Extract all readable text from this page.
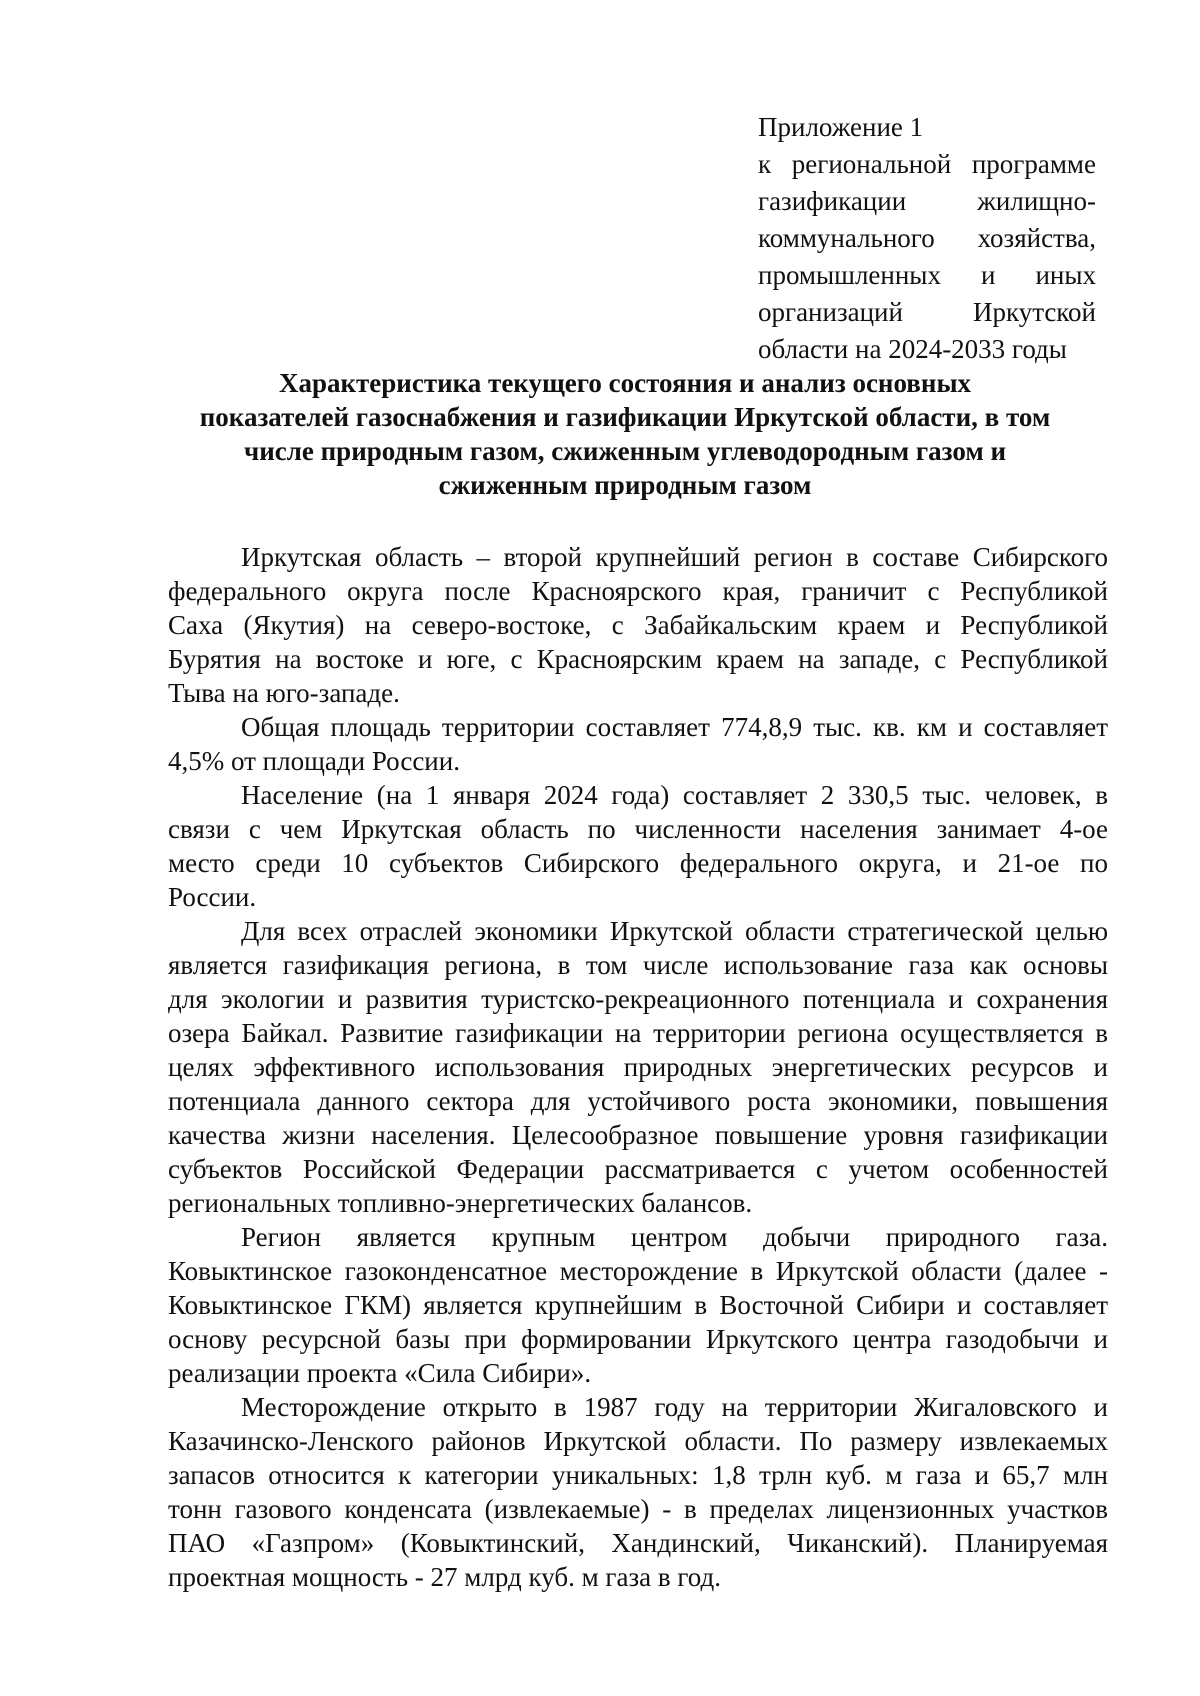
Приложение 1
к региональной программе
газификации жилищно-
коммунального хозяйства,
промышленных и иных
организаций Иркутской
области на 2024-2033 годы
Характеристика текущего состояния и анализ основных
показателей газоснабжения и газификации Иркутской области, в том
числе природным газом, сжиженным углеводородным газом и
сжиженным природным газом
Иркутская область – второй крупнейший регион в составе Сибирского
федерального округа после Красноярского края, граничит с Республикой
Саха (Якутия) на северо-востоке, с Забайкальским краем и Республикой
Бурятия на востоке и юге, с Красноярским краем на западе, с Республикой
Тыва на юго-западе.
Общая площадь территории составляет 774,8,9 тыс. кв. км и составляет
4,5% от площади России.
Население (на 1 января 2024 года) составляет 2 330,5 тыс. человек, в
связи с чем Иркутская область по численности населения занимает 4-ое
место среди 10 субъектов Сибирского федерального округа, и 21-ое по
России.
Для всех отраслей экономики Иркутской области стратегической целью
является газификация региона, в том числе использование газа как основы
для экологии и развития туристско-рекреационного потенциала и сохранения
озера Байкал. Развитие газификации на территории региона осуществляется в
целях эффективного использования природных энергетических ресурсов и
потенциала данного сектора для устойчивого роста экономики, повышения
качества жизни населения. Целесообразное повышение уровня газификации
субъектов Российской Федерации рассматривается с учетом особенностей
региональных топливно-энергетических балансов.
Регион является крупным центром добычи природного газа.
Ковыктинское газоконденсатное месторождение в Иркутской области (далее -
Ковыктинское ГКМ) является крупнейшим в Восточной Сибири и составляет
основу ресурсной базы при формировании Иркутского центра газодобычи и
реализации проекта «Сила Сибири».
Месторождение открыто в 1987 году на территории Жигаловского и
Казачинско-Ленского районов Иркутской области. По размеру извлекаемых
запасов относится к категории уникальных: 1,8 трлн куб. м газа и 65,7 млн
тонн газового конденсата (извлекаемые) - в пределах лицензионных участков
ПАО «Газпром» (Ковыктинский, Хандинский, Чиканский). Планируемая
проектная мощность - 27 млрд куб. м газа в год.
